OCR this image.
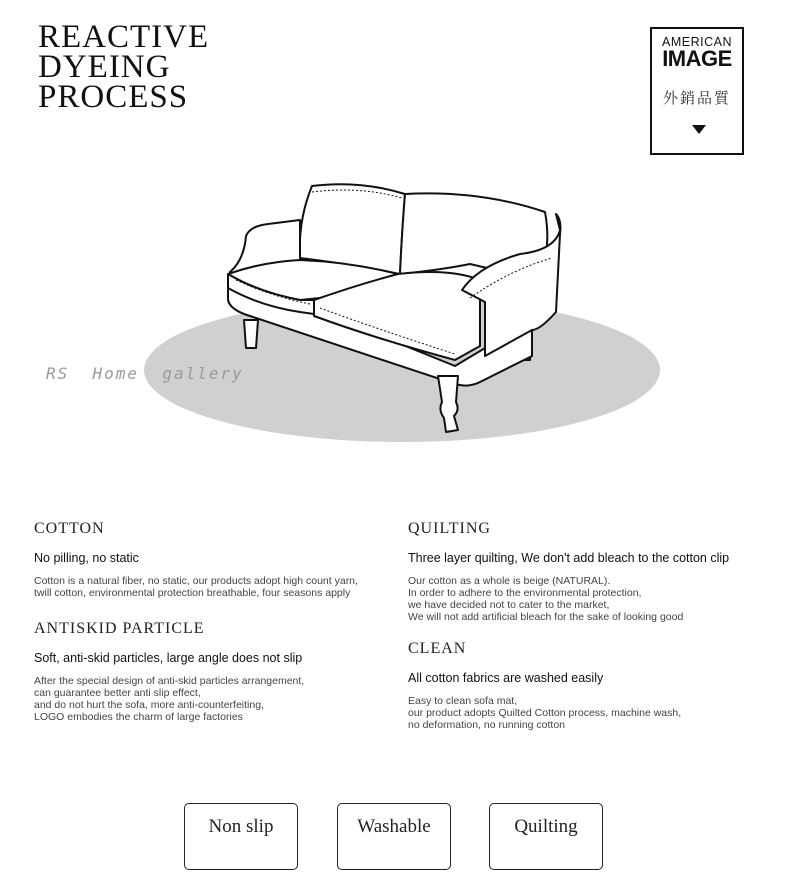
REACTIVE
DYEING
PROCESS
AMERICAN
IMAGE
外銷品質
RS  Home  gallery
COTTON
No pilling, no static
Cotton is a natural fiber, no static, our products adopt high count yarn,
twill cotton, environmental protection breathable, four seasons apply
QUILTING
Three layer quilting, We don't add bleach to the cotton clip
Our cotton as a whole is beige (NATURAL).
In order to adhere to the environmental protection,
we have decided not to cater to the market,
We will not add artificial bleach for the sake of looking good
ANTISKID PARTICLE
Soft, anti-skid particles, large angle does not slip
After the special design of anti-skid particles arrangement,
can guarantee better anti slip effect,
and do not hurt the sofa, more anti-counterfeiting,
LOGO embodies the charm of large factories
CLEAN
All cotton fabrics are washed easily
Easy to clean sofa mat,
our product adopts Quilted Cotton process, machine wash,
no deformation, no running cotton
Non slip	Washable	Quilting
